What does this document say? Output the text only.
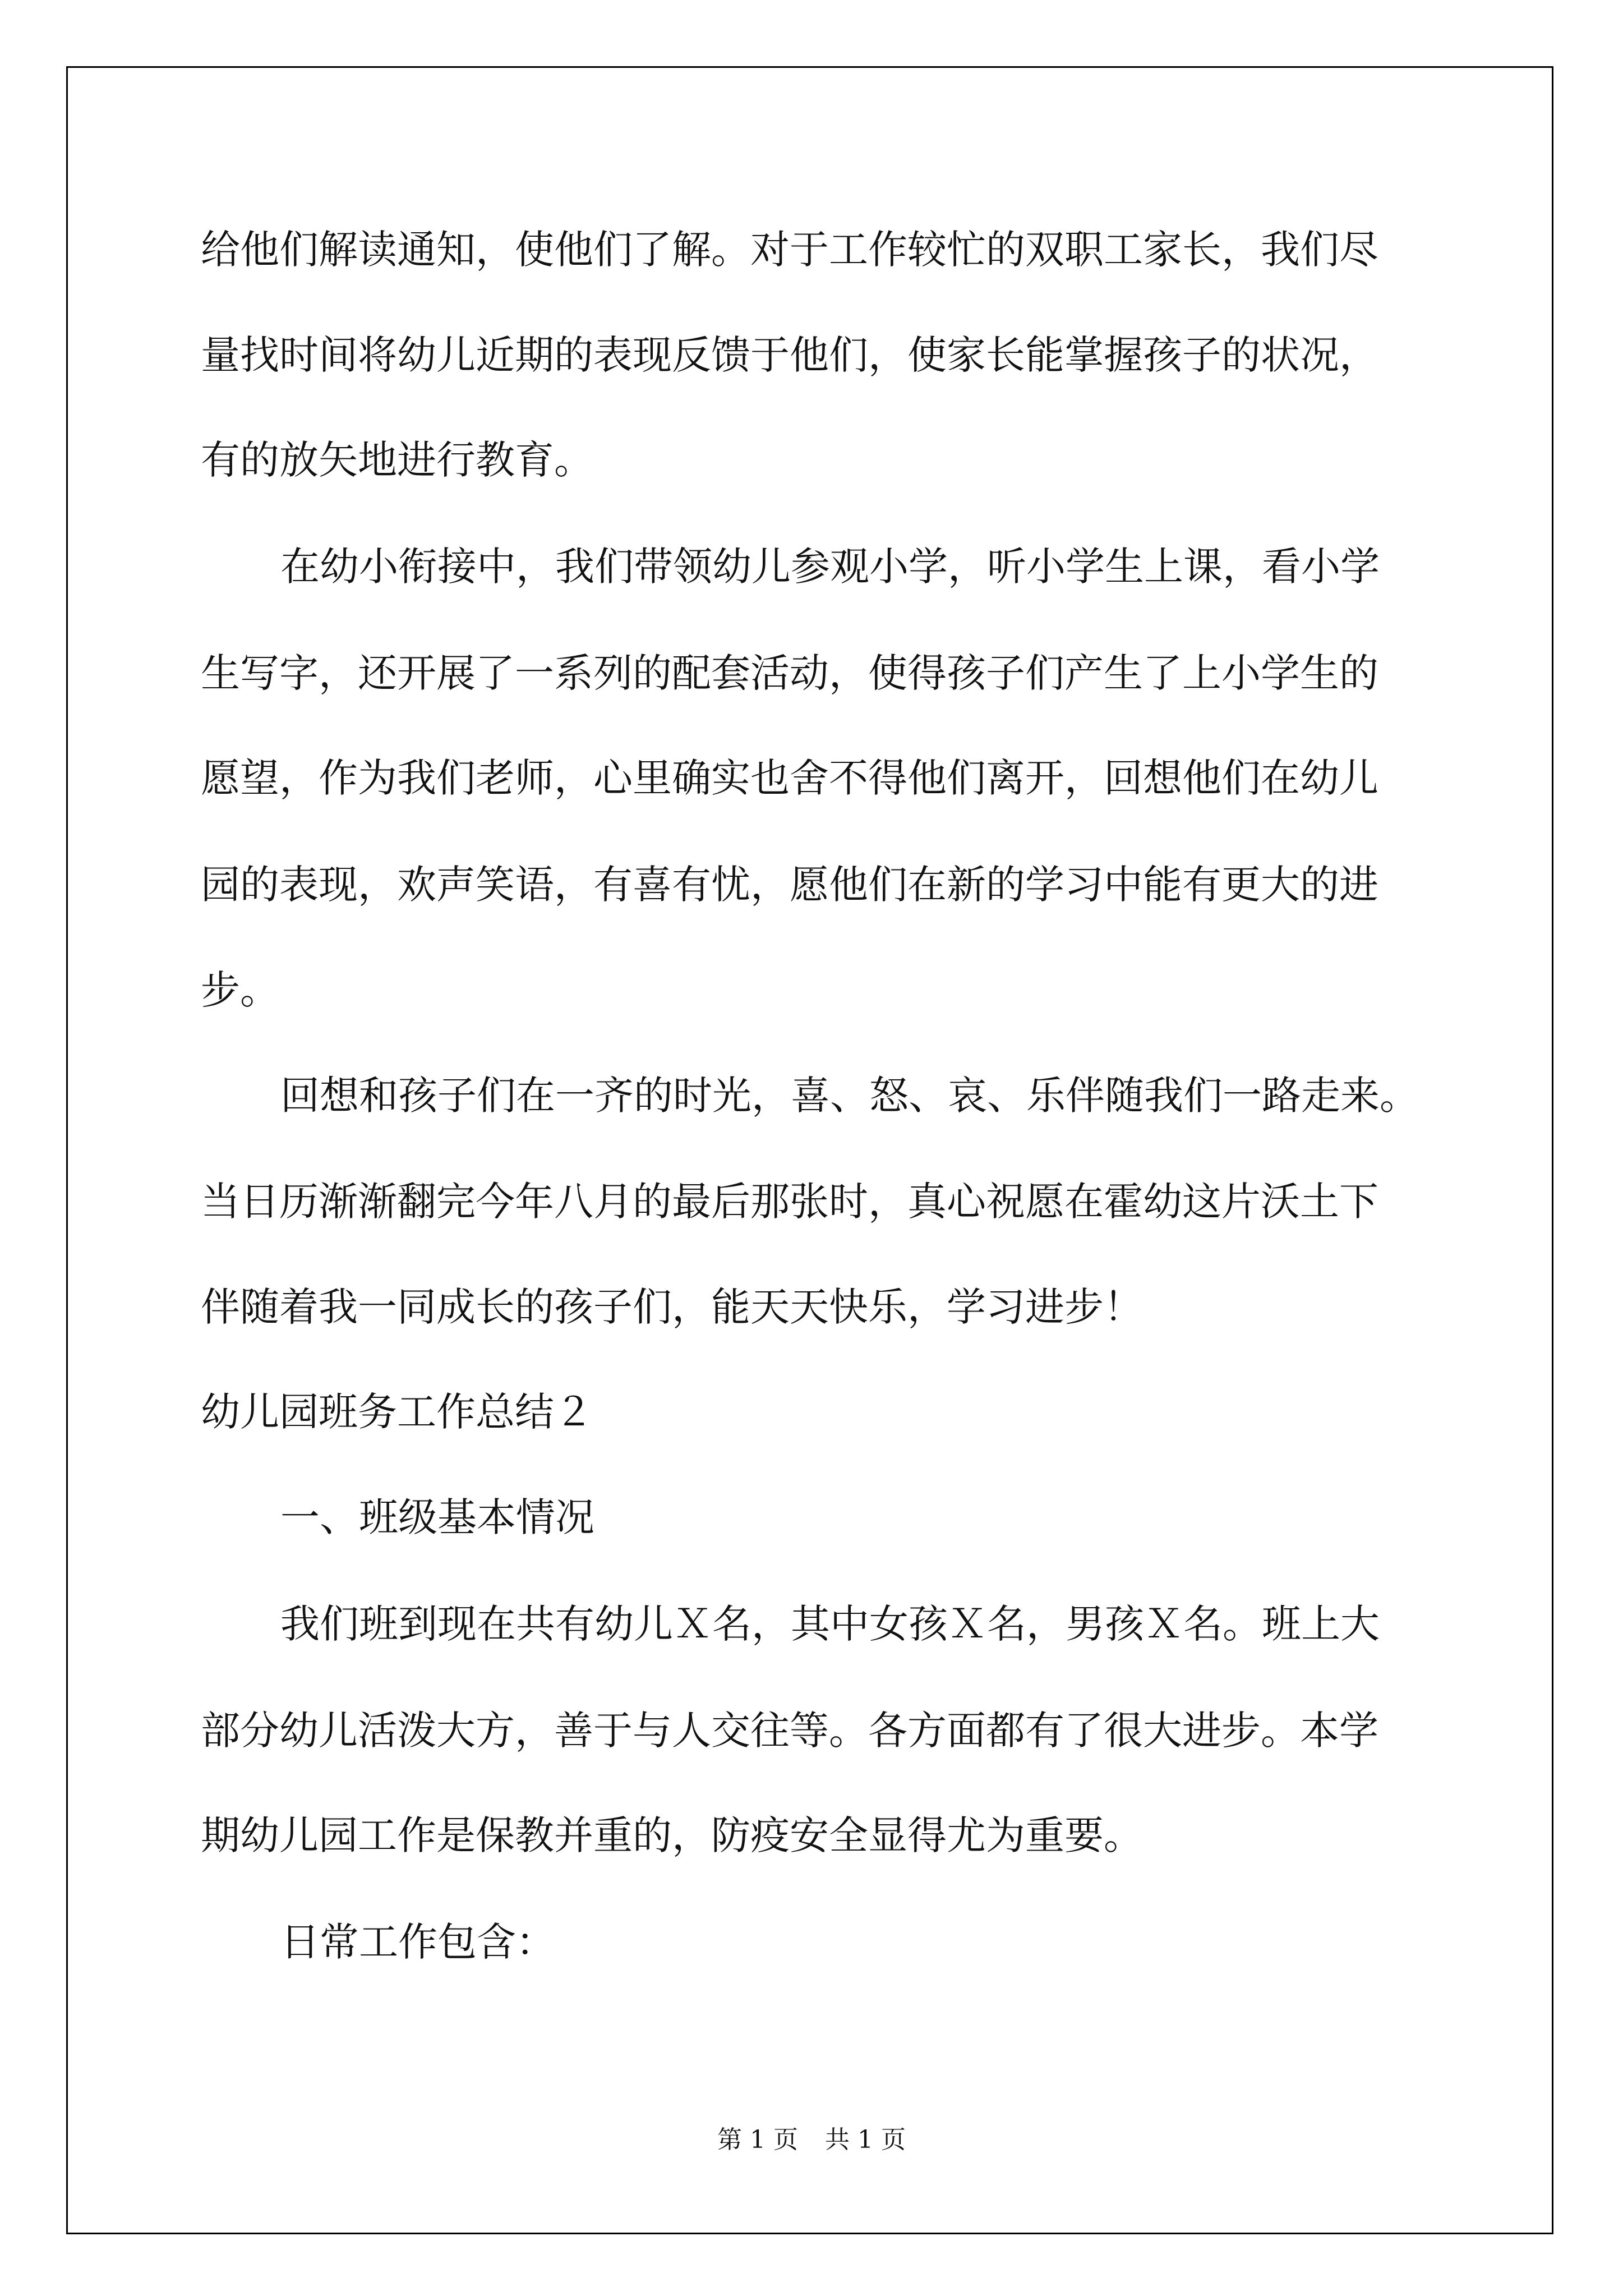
给他们解读通知，使他们了解。对于工作较忙的双职工家长，我们尽
量找时间将幼儿近期的表现反馈于他们，使家长能掌握孩子的状况，
有的放矢地进行教育。
在幼小衔接中，我们带领幼儿参观小学，听小学生上课，看小学
生写字，还开展了一系列的配套活动，使得孩子们产生了上小学生的
愿望，作为我们老师，心里确实也舍不得他们离开，回想他们在幼儿
园的表现，欢声笑语，有喜有忧，愿他们在新的学习中能有更大的进
步。
回想和孩子们在一齐的时光，喜、怒、哀、乐伴随我们一路走来。
当日历渐渐翻完今年八月的最后那张时，真心祝愿在霍幼这片沃土下
伴随着我一同成长的孩子们，能天天快乐，学习进步！
幼儿园班务工作总结２
一、班级基本情况
我们班到现在共有幼儿Ｘ名，其中女孩Ｘ名，男孩Ｘ名。班上大
部分幼儿活泼大方，善于与人交往等。各方面都有了很大进步。本学
期幼儿园工作是保教并重的，防疫安全显得尤为重要。
日常工作包含：
第 1 页 共 1 页
